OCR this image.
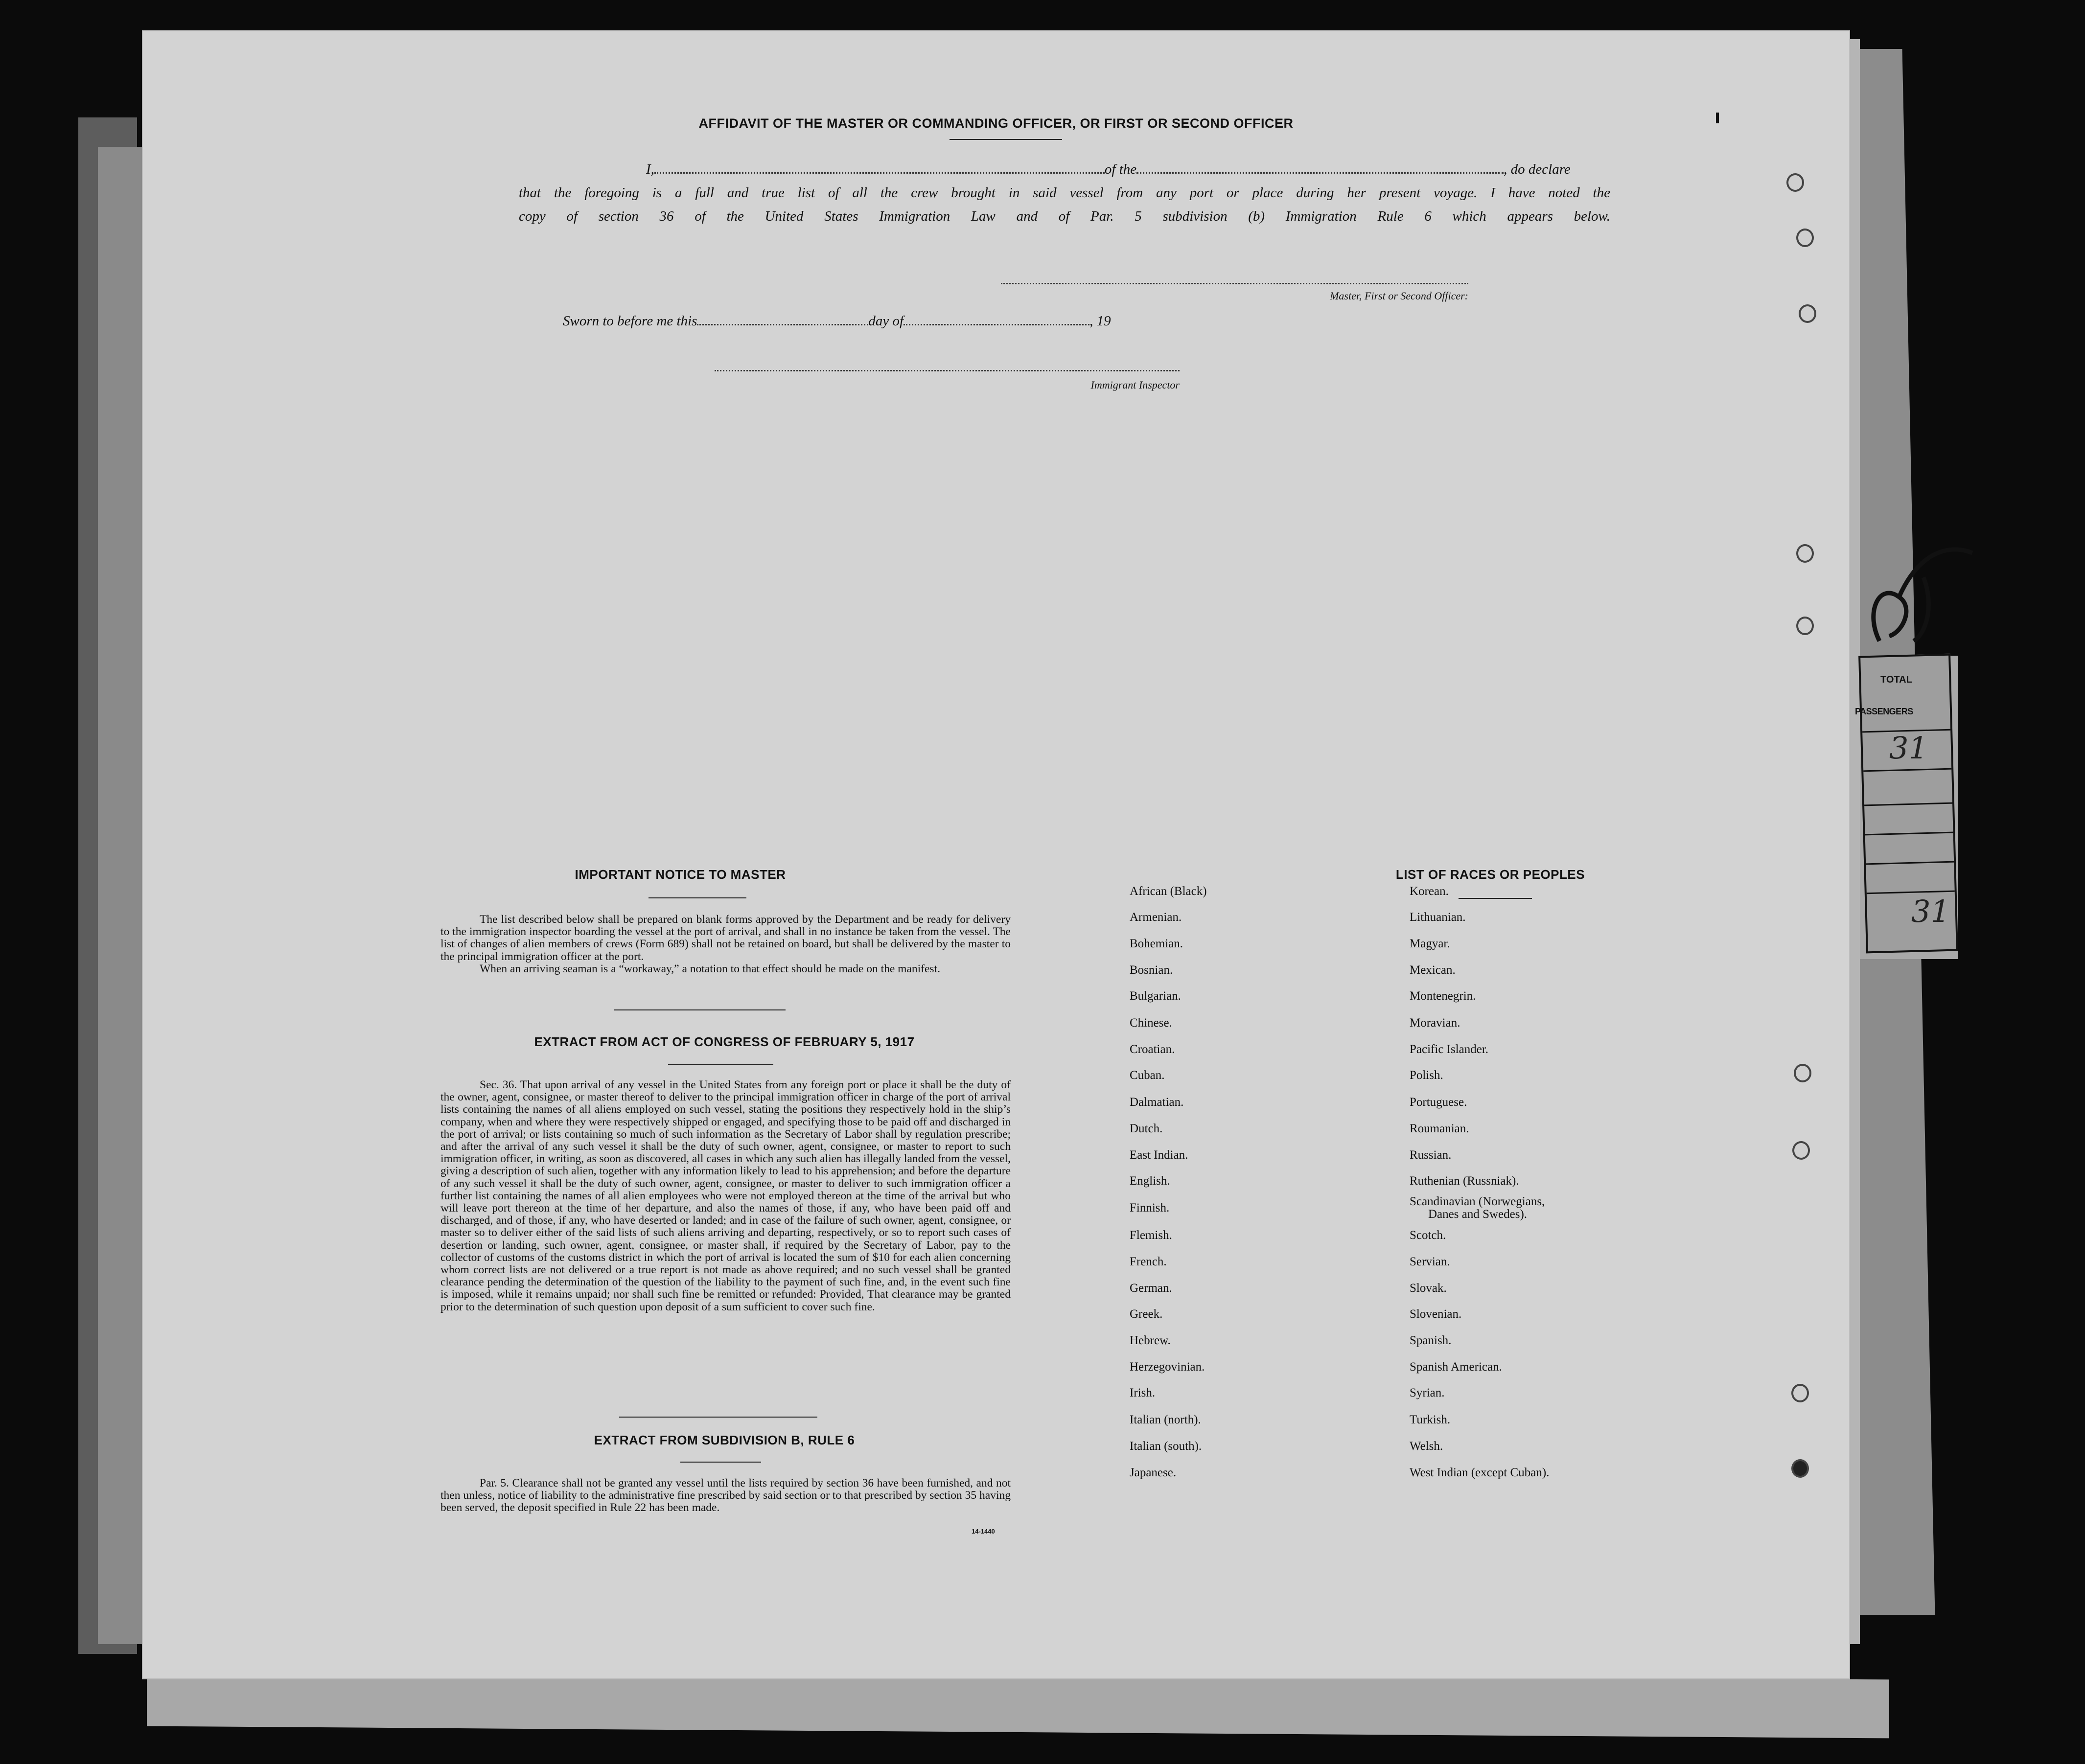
AFFIDAVIT OF THE MASTER OR COMMANDING OFFICER, OR FIRST OR SECOND OFFICER
I,	of the	, do declare
that the foregoing is a full and true list of all the crew brought in said vessel from any port or place during her present voyage. I have noted the
copy of section 36 of the United States Immigration Law and of Par. 5 subdivision (b) Immigration Rule 6 which appears below.
Master, First or Second Officer:
Sworn to before me this	day of	, 19
Immigrant Inspector
IMPORTANT NOTICE TO MASTER

The list described below shall be prepared on blank forms approved by the Department and be ready for delivery to the immigration inspector boarding the vessel at the port of arrival, and shall in no instance be taken from the vessel. The list of changes of alien members of crews (Form 689) shall not be retained on board, but shall be delivered by the master to the principal immigration officer at the port.

When an arriving seaman is a “workaway,” a notation to that effect should be made on the manifest.

EXTRACT FROM ACT OF CONGRESS OF FEBRUARY 5, 1917

Sec. 36. That upon arrival of any vessel in the United States from any foreign port or place it shall be the duty of the owner, agent, consignee, or master thereof to deliver to the principal immigration officer in charge of the port of arrival lists containing the names of all aliens employed on such vessel, stating the positions they respectively hold in the ship’s company, when and where they were respectively shipped or engaged, and specifying those to be paid off and discharged in the port of arrival; or lists containing so much of such information as the Secretary of Labor shall by regulation prescribe; and after the arrival of any such vessel it shall be the duty of such owner, agent, consignee, or master to report to such immigration officer, in writing, as soon as discovered, all cases in which any such alien has illegally landed from the vessel, giving a description of such alien, together with any information likely to lead to his apprehension; and before the departure of any such vessel it shall be the duty of such owner, agent, consignee, or master to deliver to such immigration officer a further list containing the names of all alien employees who were not employed thereon at the time of the arrival but who will leave port thereon at the time of her departure, and also the names of those, if any, who have been paid off and discharged, and of those, if any, who have deserted or landed; and in case of the failure of such owner, agent, consignee, or master so to deliver either of the said lists of such aliens arriving and departing, respectively, or so to report such cases of desertion or landing, such owner, agent, consignee, or master shall, if required by the Secretary of Labor, pay to the collector of customs of the customs district in which the port of arrival is located the sum of $10 for each alien concerning whom correct lists are not delivered or a true report is not made as above required; and no such vessel shall be granted clearance pending the determination of the question of the liability to the payment of such fine, and, in the event such fine is imposed, while it remains unpaid; nor shall such fine be remitted or refunded: Provided, That clearance may be granted prior to the determination of such question upon deposit of a sum sufficient to cover such fine.

EXTRACT FROM SUBDIVISION B, RULE 6

Par. 5. Clearance shall not be granted any vessel until the lists required by section 36 have been furnished, and not then unless, notice of liability to the administrative fine prescribed by said section or to that prescribed by section 35 having been served, the deposit specified in Rule 22 has been made.

14-1440
LIST OF RACES OR PEOPLES
African (Black)
Armenian.
Bohemian.
Bosnian.
Bulgarian.
Chinese.
Croatian.
Cuban.
Dalmatian.
Dutch.
East Indian.
English.
Finnish.
Flemish.
French.
German.
Greek.
Hebrew.
Herzegovinian.
Irish.
Italian (north).
Italian (south).
Japanese.
Korean.
Lithuanian.
Magyar.
Mexican.
Montenegrin.
Moravian.
Pacific Islander.
Polish.
Portuguese.
Roumanian.
Russian.
Ruthenian (Russniak).
Scandinavian (Norwegians,
Danes and Swedes).
Scotch.
Servian.
Slovak.
Slovenian.
Spanish.
Spanish American.
Syrian.
Turkish.
Welsh.
West Indian (except Cuban).
TOTAL
PASSENGERS
31
31
